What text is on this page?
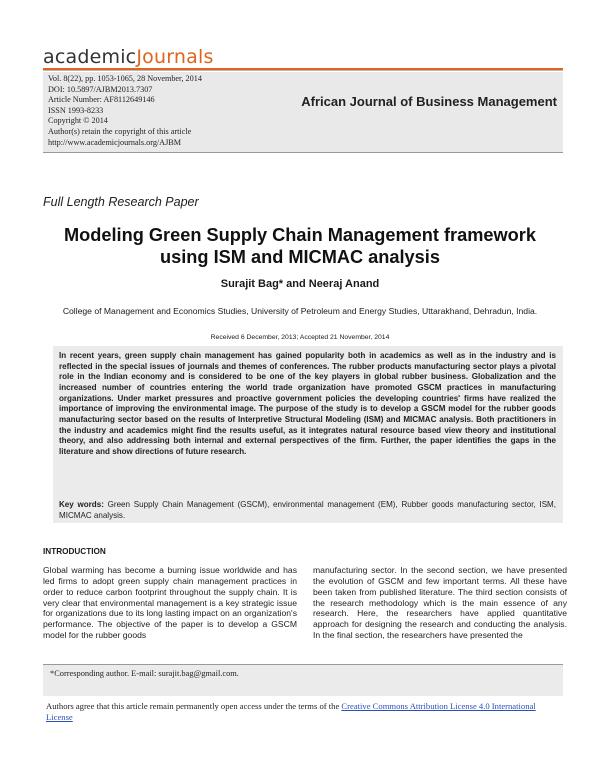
academicJournals
Vol. 8(22), pp. 1053-1065, 28 November, 2014
DOI: 10.5897/AJBM2013.7307
Article Number: AF8112649146
ISSN 1993-8233
Copyright © 2014
Author(s) retain the copyright of this article
http://www.academicjournals.org/AJBM
African Journal of Business Management
Full Length Research Paper
Modeling Green Supply Chain Management framework
using ISM and MICMAC analysis
Surajit Bag* and Neeraj Anand
College of Management and Economics Studies, University of Petroleum and Energy Studies, Uttarakhand, Dehradun, India.
Received 6 December, 2013; Accepted 21 November, 2014
In recent years, green supply chain management has gained popularity both in academics as well as in the industry and is reflected in the special issues of journals and themes of conferences. The rubber products manufacturing sector plays a pivotal role in the Indian economy and is considered to be one of the key players in global rubber business. Globalization and the increased number of countries entering the world trade organization have promoted GSCM practices in manufacturing organizations. Under market pressures and proactive government policies the developing countries' firms have realized the importance of improving the environmental image. The purpose of the study is to develop a GSCM model for the rubber goods manufacturing sector based on the results of Interpretive Structural Modeling (ISM) and MICMAC analysis. Both practitioners in the industry and academics might find the results useful, as it integrates natural resource based view theory and institutional theory, and also addressing both internal and external perspectives of the firm. Further, the paper identifies the gaps in the literature and show directions of future research.
Key words: Green Supply Chain Management (GSCM), environmental management (EM), Rubber goods manufacturing sector, ISM, MICMAC analysis.
INTRODUCTION
Global warming has become a burning issue worldwide and has led firms to adopt green supply chain management practices in order to reduce carbon footprint throughout the supply chain. It is very clear that environmental management is a key strategic issue for organizations due to its long lasting impact on an organization's performance. The objective of the paper is to develop a GSCM model for the rubber goods
manufacturing sector. In the second section, we have presented the evolution of GSCM and few important terms. All these have been taken from published literature. The third section consists of the research methodology which is the main essence of any research. Here, the researchers have applied quantitative approach for designing the research and conducting the analysis. In the final section, the researchers have presented the
*Corresponding author. E-mail: surajit.bag@gmail.com.
Authors agree that this article remain permanently open access under the terms of the Creative Commons Attribution License 4.0 International License
